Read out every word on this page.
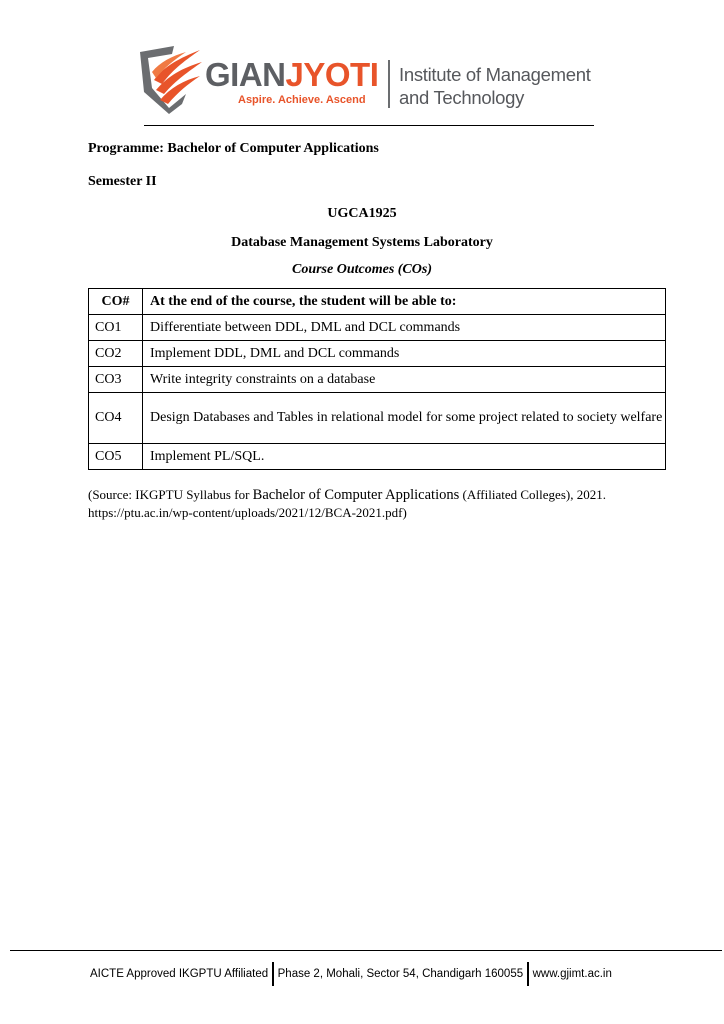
GIANJYOTI
Aspire. Achieve. Ascend
Institute of Management
and Technology
Programme: Bachelor of Computer Applications
Semester II
UGCA1925
Database Management Systems Laboratory
Course Outcomes (COs)
CO#	At the end of the course, the student will be able to:
CO1	Differentiate between DDL, DML and DCL commands
CO2	Implement DDL, DML and DCL commands
CO3	Write integrity constraints on a database
CO4	Design Databases and Tables in relational model for some project related to society welfare
CO5	Implement PL/SQL.
(Source: IKGPTU Syllabus for Bachelor of Computer Applications (Affiliated Colleges), 2021. https://ptu.ac.in/wp-content/uploads/2021/12/BCA-2021.pdf)
AICTE Approved IKGPTU Affiliated Phase 2, Mohali, Sector 54, Chandigarh 160055 www.gjimt.ac.in
